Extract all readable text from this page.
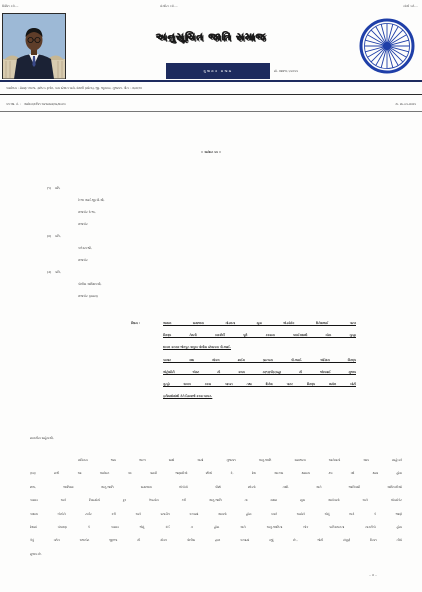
શિક્ષિત કરો....	સંગઠિત કરો....	સંઘર્ષ કરો....
અનુસૂચિત જાતિ સમાજ
ગુજરાત રાજ્ય	મો. ૭૪૨૧૬ ૬૫૦૫૫
કાર્યાલય : મેમણ પ્લાઝા, ગ્રાઉન્ડ ફ્લોર, બસ સ્ટેશન પાસે, વંથલી (સોરઠ), જી. જૂનાગઢ, ગુજરાત. પીન : ૩૬૨૬૧૦
પત્ર જા. નં. : આવેદન/દલિત અત્યાચાર/૨૮/૨૦૨૫	તા. ૨૯-૦૫-૨૦૨૫
:: આવેદન પત્ર ::
(૧) પ્રતિ,
રેન્જ આઈ.જી.પી.શ્રી,
રાજકોટ રેન્જ,
રાજકોટ
(૨) પ્રતિ,
કલેક્ટરશ્રી,
રાજકોટ
(૩) પ્રતિ,
પોલીસ અધિક્ષકશ્રી,
રાજકોટ (ગ્રામ્ય)
વિષય :	અમારા સમાજના ગોંડલના યુવા એડવોકેટ દિનેશભાઈ પાતર
વિરુદ્ધ તેમની કારકીર્દી પૂરી કરવાના બદઈરાદાથી ખોટા ગુન્હા
દાખલ કરનાર જેતપુર તાલુકા પોલીસ સ્ટેશનના પી.આઈ.
પરમાર તથા લોકલ ક્રાઈમ બ્રાન્ચના પી.આઈ. ઓડેદરા વિરુદ્ધ
એટ્રોસીટી એક્ટ ની કલમ ૩(૧)(પી)(ક્યુ) ની જોગવાઈ મુજબ
ગુન્હો દાખલ કરવા બાબત તથા દિનેશ પાતર વિરુદ્ધ થયેલ ખોટી
ફરીયાદોમાંથી તેને ડિસ્ચાર્જ કરવા બાબત.
માનનીય સાહેબશ્રી,
સવિનય જય ભારત સાથે અમો ગુજરાત અનુ.જાતિ સમાજના આગેવાનો આપ સાહેબને
રૂબરૂ મળી આ આવેદન પત્ર પાઠવી જણાવીએ છીએ કે, દેશ આઝાદ થયાના ૭૫ વર્ષ થયા હોવા
છતા, જાતિવાદ અનુ.જાતિ સમાજના લોકોનો પીછો છોડતો નથી. અને જાતિવાદી અધિકારીઓ
કાયદા અને નિયમોનો દુર ઉપયોગ કરી અનુ.જાતિ ના સક્ષમ યુવા આગેવાનો અને એડવોકેટ
કક્ષાના લોકોને ટાર્ગેટ કરી અને પ્રતાડીત કરવામાં આવતો હોય ત્યારે અમોને એવું લાગે કે જાણે
દેશમાં બંધારણ કે કાયદા જેવું કંઈ ન હોય અને અનુ.જાતિના લોક પાકિસ્તાનના નાગરીકો હોય
તેવું વર્તન રાજકોટ જીલ્લા ની ગોંડલ પોલીસ દ્વારા કરવામાં રહ્યું છે., જેની સંપુર્ણ વિગત નીચે
મુજબ છે.
.. ૨ ..
